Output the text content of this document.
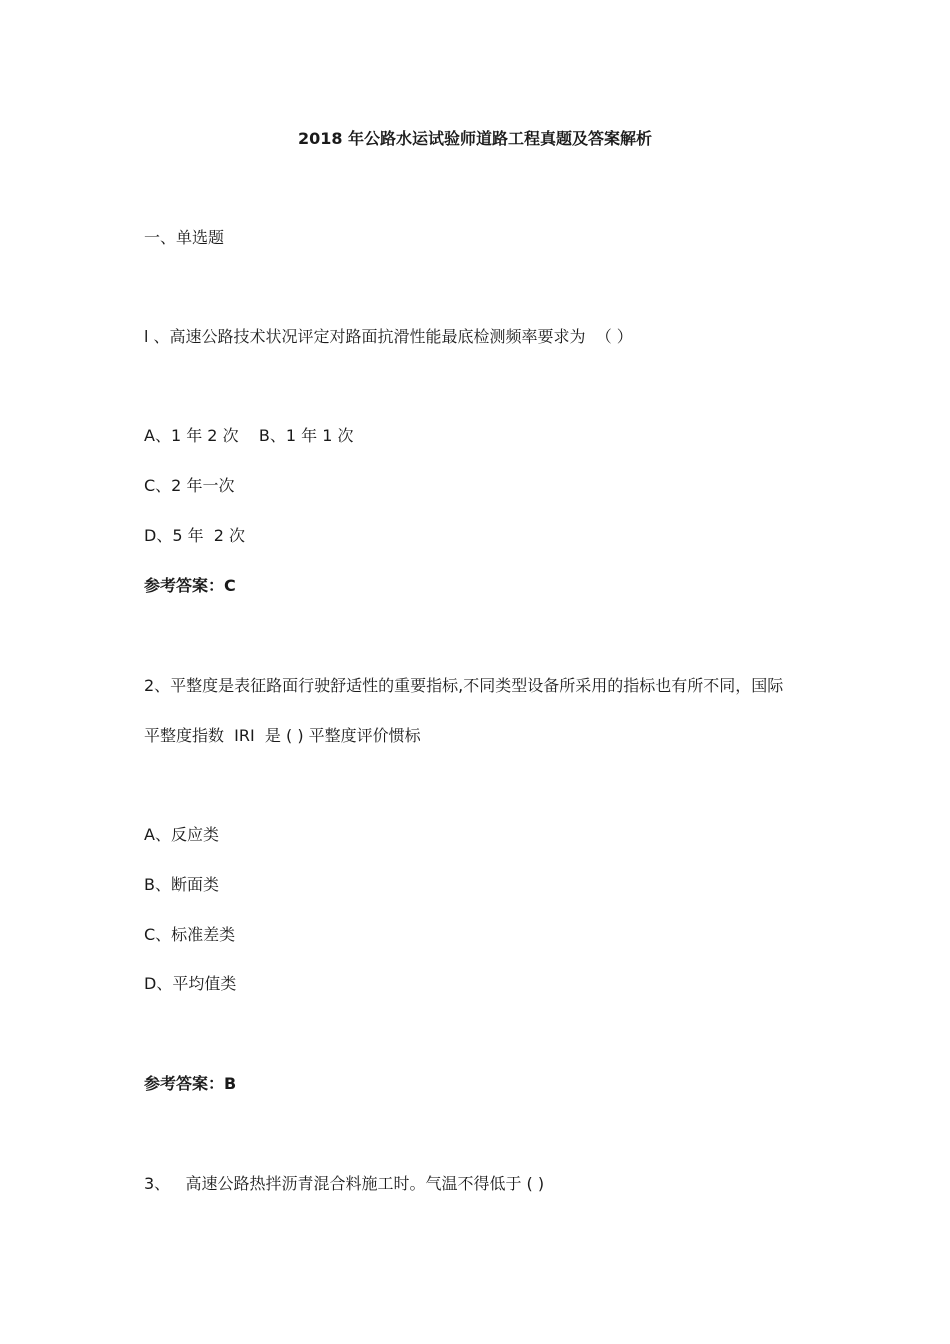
2018 年公路水运试验师道路工程真题及答案解析
一、单选题
l 、高速公路技术状况评定对路面抗滑性能最底检测频率要求为  （ ）
A、1 年 2 次    B、1 年 1 次
C、2 年一次
D、5 年  2 次
参考答案：C
2、平整度是表征路面行驶舒适性的重要指标,不同类型设备所采用的指标也有所不同，国际
平整度指数  IRI  是 ( ) 平整度评价惯标
A、反应类
B、断面类
C、标准差类
D、平均值类
参考答案：B
3、   高速公路热拌沥青混合料施工时。气温不得低于 ( )
